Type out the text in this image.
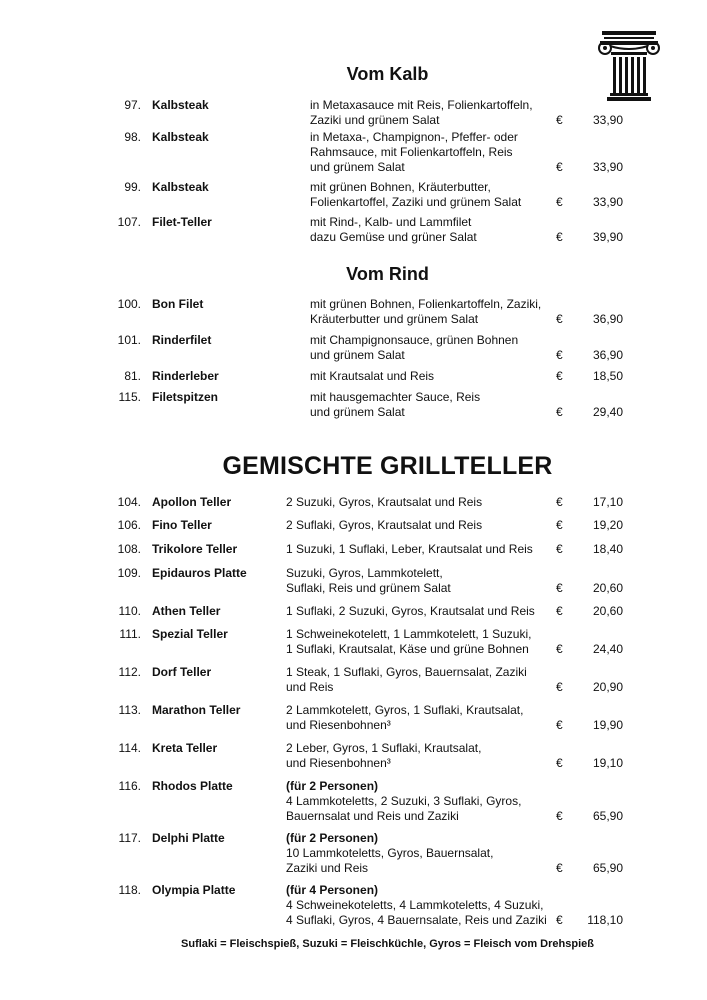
Vom Kalb
Vom Rind
GEMISCHTE GRILLTELLER
97. Kalbsteak	in Metaxasauce mit Reis, Folienkartoffeln,
Zaziki und grünem Salat	€	33,90
98. Kalbsteak	in Metaxa-, Champignon-, Pfeffer- oder
Rahmsauce, mit Folienkartoffeln, Reis
und grünem Salat	€	33,90
99. Kalbsteak	mit grünen Bohnen, Kräuterbutter,
Folienkartoffel, Zaziki und grünem Salat	€	33,90
107. Filet-Teller	mit Rind-, Kalb- und Lammfilet
dazu Gemüse und grüner Salat	€	39,90
100. Bon Filet	mit grünen Bohnen, Folienkartoffeln, Zaziki,
Kräuterbutter und grünem Salat	€	36,90
101. Rinderfilet	mit Champignonsauce, grünen Bohnen
und grünem Salat	€	36,90
81. Rinderleber	mit Krautsalat und Reis	€	18,50
115. Filetspitzen	mit hausgemachter Sauce, Reis
und grünem Salat	€	29,40
104. Apollon Teller	2 Suzuki, Gyros, Krautsalat und Reis	€	17,10
106. Fino Teller	2 Suflaki, Gyros, Krautsalat und Reis	€	19,20
108. Trikolore Teller	1 Suzuki, 1 Suflaki, Leber, Krautsalat und Reis €	18,40
109. Epidauros Platte	Suzuki, Gyros, Lammkotelett,
Suflaki, Reis und grünem Salat	€	20,60
110. Athen Teller	1 Suflaki, 2 Suzuki, Gyros, Krautsalat und Reis €	20,60
111. Spezial Teller	1 Schweinekotelett, 1 Lammkotelett, 1 Suzuki,
1 Suflaki, Krautsalat, Käse und grüne Bohnen €	24,40
112. Dorf Teller	1 Steak, 1 Suflaki, Gyros, Bauernsalat, Zaziki
und Reis	€	20,90
113. Marathon Teller	2 Lammkotelett, Gyros, 1 Suflaki, Krautsalat,
und Riesenbohnen³	€	19,90
114. Kreta Teller	2 Leber, Gyros, 1 Suflaki, Krautsalat,
und Riesenbohnen³	€	19,10
116. Rhodos Platte	(für 2 Personen)
4 Lammkoteletts, 2 Suzuki, 3 Suflaki, Gyros,
Bauernsalat und Reis und Zaziki	€	65,90
117. Delphi Platte	(für 2 Personen)
10 Lammkoteletts, Gyros, Bauernsalat,
Zaziki und Reis	€	65,90
118. Olympia Platte	(für 4 Personen)
4 Schweinekoteletts, 4 Lammkoteletts, 4 Suzuki,
4 Suflaki, Gyros, 4 Bauernsalate, Reis und Zaziki €	118,10
Suflaki = Fleischspieß, Suzuki = Fleischküchle, Gyros = Fleisch vom Drehspieß
